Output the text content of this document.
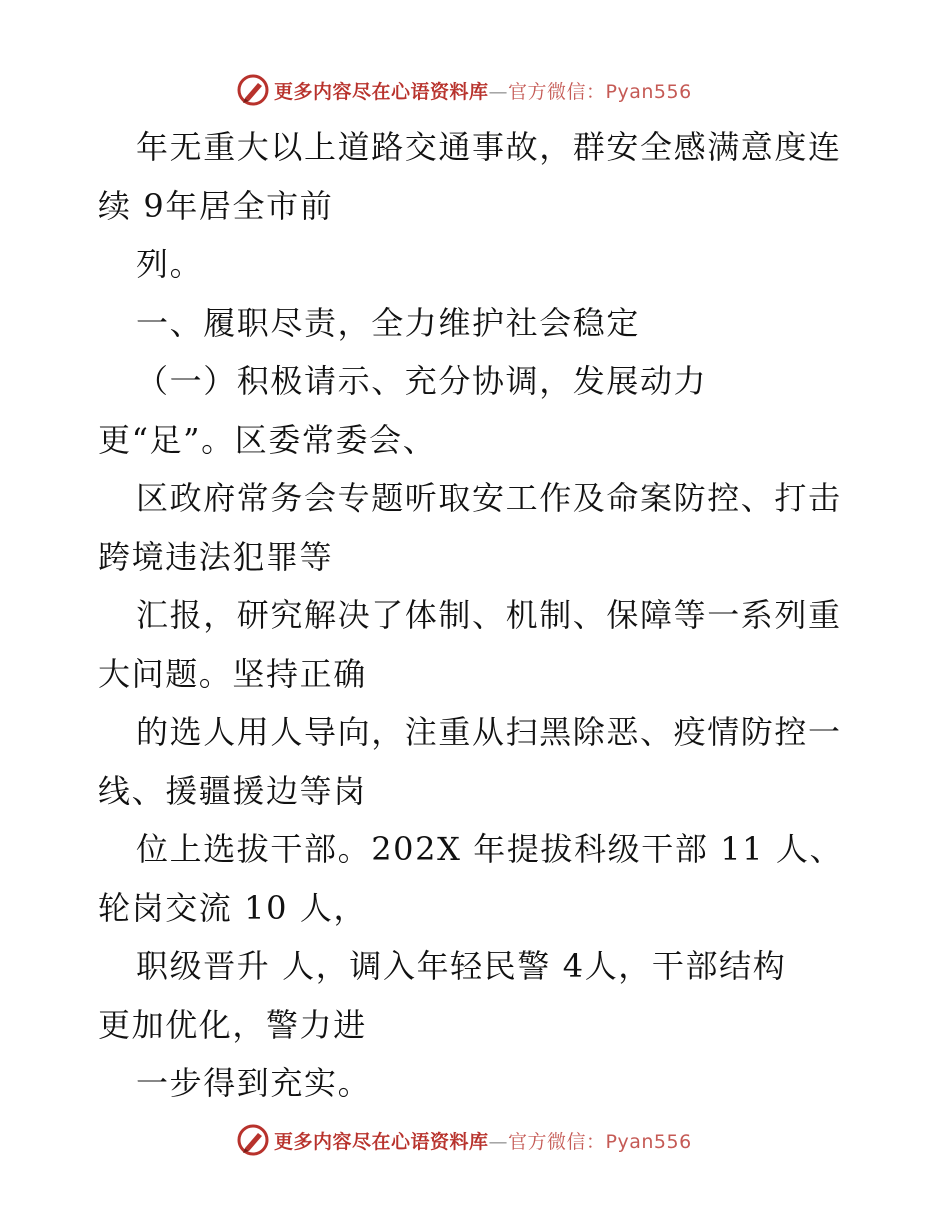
更多内容尽在心语资料库—官方微信：Pyan556
年无重大以上道路交通事故，群安全感满意度连
续 9年居全市前
列。
一、履职尽责，全力维护社会稳定
（一）积极请示、充分协调，发展动力
更“足”。区委常委会、
区政府常务会专题听取安工作及命案防控、打击
跨境违法犯罪等
汇报，研究解决了体制、机制、保障等一系列重
大问题。坚持正确
的选人用人导向，注重从扫黑除恶、疫情防控一
线、援疆援边等岗
位上选拔干部。202X 年提拔科级干部 11 人、
轮岗交流 10 人，
职级晋升 人，调入年轻民警 4人，干部结构
更加优化，警力进
一步得到充实。
更多内容尽在心语资料库—官方微信：Pyan556
